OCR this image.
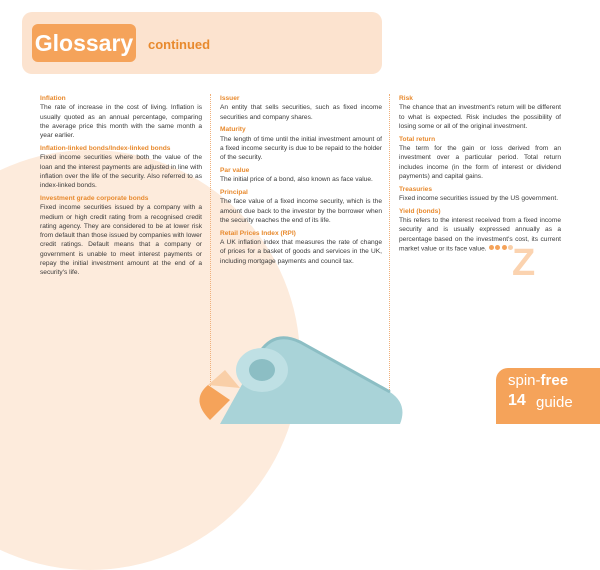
Glossary continued
Inflation
The rate of increase in the cost of living. Inflation is usually quoted as an annual percentage, comparing the average price this month with the same month a year earlier.
Inflation-linked bonds/Index-linked bonds
Fixed income securities where both the value of the loan and the interest payments are adjusted in line with inflation over the life of the security. Also referred to as index-linked bonds.
Investment grade corporate bonds
Fixed income securities issued by a company with a medium or high credit rating from a recognised credit rating agency. They are considered to be at lower risk from default than those issued by companies with lower credit ratings. Default means that a company or government is unable to meet interest payments or repay the initial investment amount at the end of a security's life.
Issuer
An entity that sells securities, such as fixed income securities and company shares.
Maturity
The length of time until the initial investment amount of a fixed income security is due to be repaid to the holder of the security.
Par value
The initial price of a bond, also known as face value.
Principal
The face value of a fixed income security, which is the amount due back to the investor by the borrower when the security reaches the end of its life.
Retail Prices Index (RPI)
A UK inflation index that measures the rate of change of prices for a basket of goods and services in the UK, including mortgage payments and council tax.
Risk
The chance that an investment's return will be different to what is expected. Risk includes the possibility of losing some or all of the original investment.
Total return
The term for the gain or loss derived from an investment over a particular period. Total return includes income (in the form of interest or dividend payments) and capital gains.
Treasuries
Fixed income securities issued by the US government.
Yield (bonds)
This refers to the interest received from a fixed income security and is usually expressed annually as a percentage based on the investment's cost, its current market value or its face value. Z
spin-free
14 guide
